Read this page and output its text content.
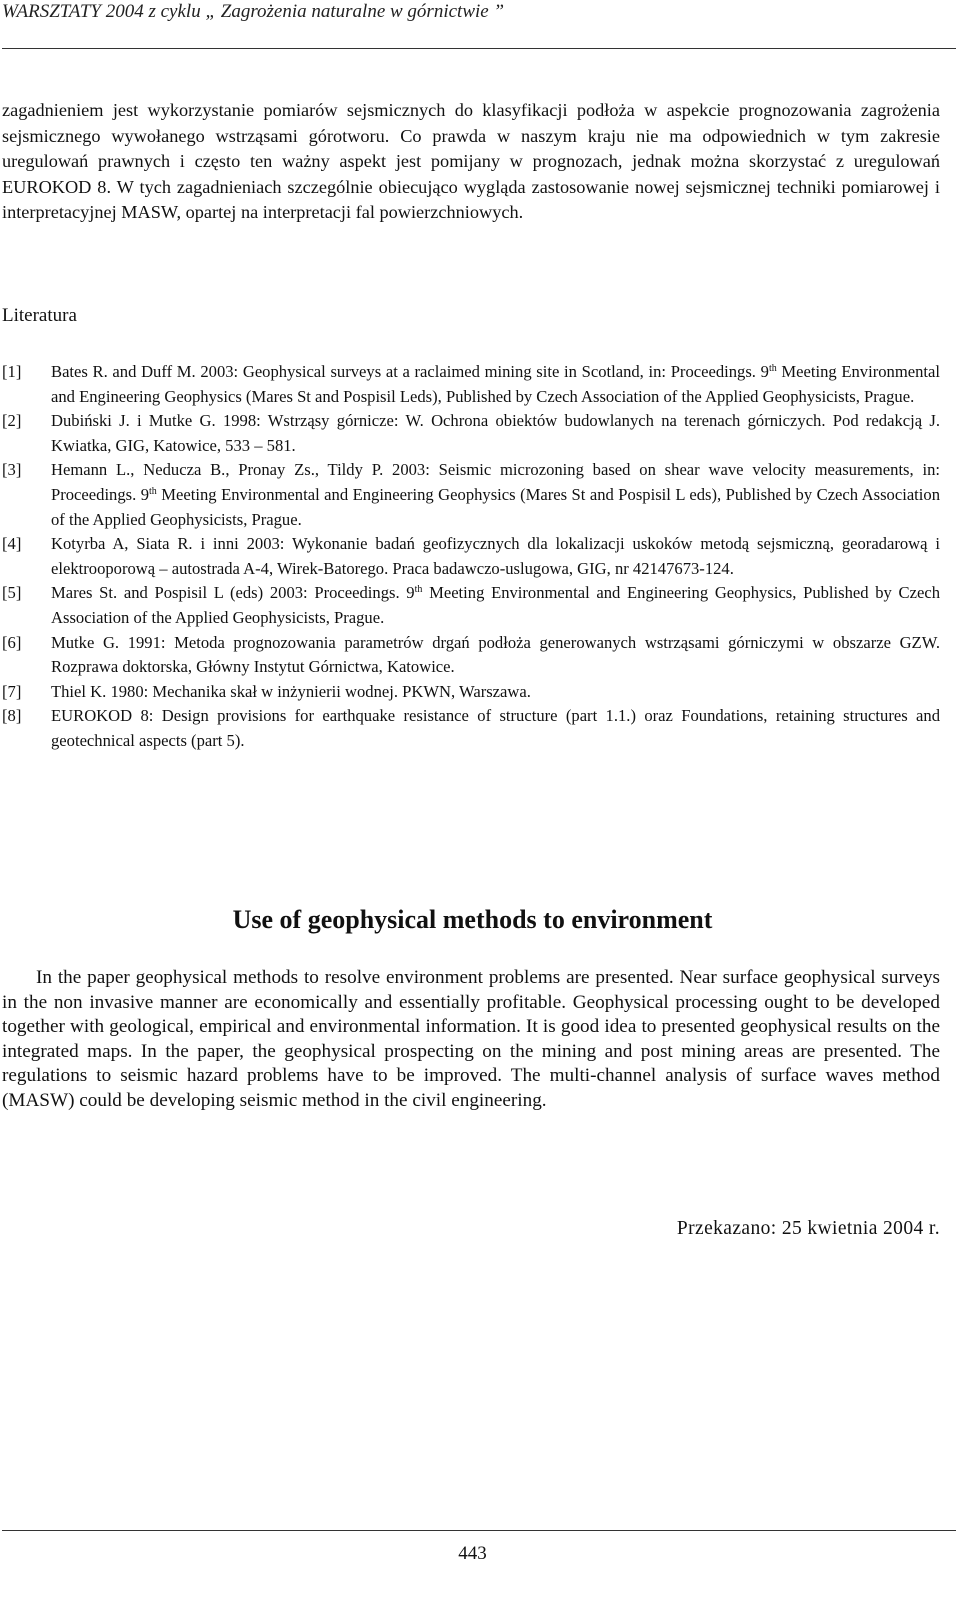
WARSZTATY 2004 z cyklu „ Zagrożenia naturalne w górnictwie ”

zagadnieniem jest wykorzystanie pomiarów sejsmicznych do klasyfikacji podłoża w aspekcie prognozowania zagrożenia sejsmicznego wywołanego wstrząsami górotworu. Co prawda w naszym kraju nie ma odpowiednich w tym zakresie uregulowań prawnych i często ten ważny aspekt jest pomijany w prognozach, jednak można skorzystać z uregulowań EUROKOD 8. W tych zagadnieniach szczególnie obiecująco wygląda zastosowanie nowej sejsmicznej techniki pomiarowej i interpretacyjnej MASW, opartej na interpretacji fal powierzchniowych.

Literatura
[1] Bates R. and Duff M. 2003: Geophysical surveys at a raclaimed mining site in Scotland, in: Proceedings. 9th Meeting Environmental and Engineering Geophysics (Mares St and Pospisil Leds), Published by Czech Association of the Applied Geophysicists, Prague.
[2] Dubiński J. i Mutke G. 1998: Wstrząsy górnicze: W. Ochrona obiektów budowlanych na terenach górniczych. Pod redakcją J. Kwiatka, GIG, Katowice, 533 – 581.
[3] Hemann L., Neducza B., Pronay Zs., Tildy P. 2003: Seismic microzoning based on shear wave velocity measurements, in: Proceedings. 9th Meeting Environmental and Engineering Geophysics (Mares St and Pospisil L eds), Published by Czech Association of the Applied Geophysicists, Prague.
[4] Kotyrba A, Siata R. i inni 2003: Wykonanie badań geofizycznych dla lokalizacji uskoków metodą sejsmiczną, georadarową i elektrooporową – autostrada A-4, Wirek-Batorego. Praca badawczo-uslugowa, GIG, nr 42147673-124.
[5] Mares St. and Pospisil L (eds) 2003: Proceedings. 9th Meeting Environmental and Engineering Geophysics, Published by Czech Association of the Applied Geophysicists, Prague.
[6] Mutke G. 1991: Metoda prognozowania parametrów drgań podłoża generowanych wstrząsami górniczymi w obszarze GZW. Rozprawa doktorska, Główny Instytut Górnictwa, Katowice.
[7] Thiel K. 1980: Mechanika skał w inżynierii wodnej. PKWN, Warszawa.
[8] EUROKOD 8: Design provisions for earthquake resistance of structure (part 1.1.) oraz Foundations, retaining structures and geotechnical aspects (part 5).
Use of geophysical methods to environment

In the paper geophysical methods to resolve environment problems are presented. Near surface geophysical surveys in the non invasive manner are economically and essentially profitable. Geophysical processing ought to be developed together with geological, empirical and environmental information. It is good idea to presented geophysical results on the integrated maps. In the paper, the geophysical prospecting on the mining and post mining areas are presented. The regulations to seismic hazard problems have to be improved. The multi-channel analysis of surface waves method (MASW) could be developing seismic method in the civil engineering.

Przekazano: 25 kwietnia 2004 r.
443
